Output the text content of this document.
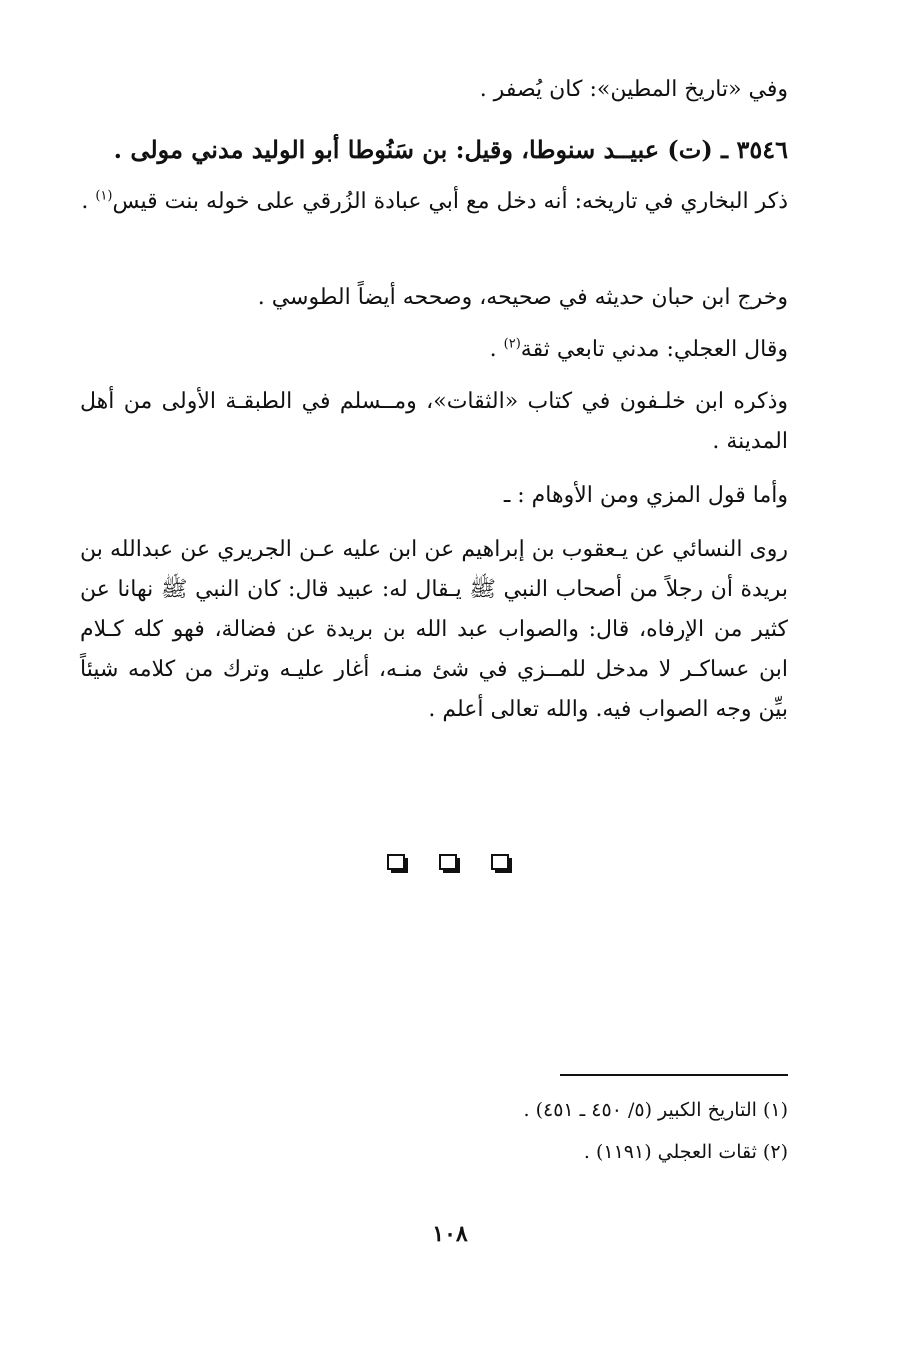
وفي «تاريخ المطين»: كان يُصفر .
٣٥٤٦ ـ (ت) عبيــد سنوطا، وقيل: بن سَنُوطا أبو الوليد مدني مولى .
ذكر البخاري في تاريخه: أنه دخل مع أبي عبادة الزُرقي على خوله بنت قيس$^{(١)}$ .
وخرج ابن حبان حديثه في صحيحه، وصححه أيضاً الطوسي .
وقال العجلي: مدني تابعي ثقة$^{(٢)}$ .
وذكره ابن خلـفون في كتاب «الثقات»، ومــسلم في الطبقـة الأولى من أهل المدينة .
وأما قول المزي ومن الأوهام : ـ
روى النسائي عن يـعقوب بن إبراهيم عن ابن عليه عـن الجريري عن عبدالله بن بريدة أن رجلاً من أصحاب النبي ﷺ يـقال له: عبيد قال: كان النبي ﷺ نهانا عن كثير من الإرفاه، قال: والصواب عبد الله بن بريدة عن فضالة، فهو كله كـلام ابن عساكـر لا مدخل للمــزي في شئ منـه، أغار عليـه وترك من كلامه شيئاً بيِّن وجه الصواب فيه. والله تعالى أعلم .
(١) التاريخ الكبير (٥/ ٤٥٠ ـ ٤٥١) .
(٢) ثقات العجلي (١١٩١) .
١٠٨
